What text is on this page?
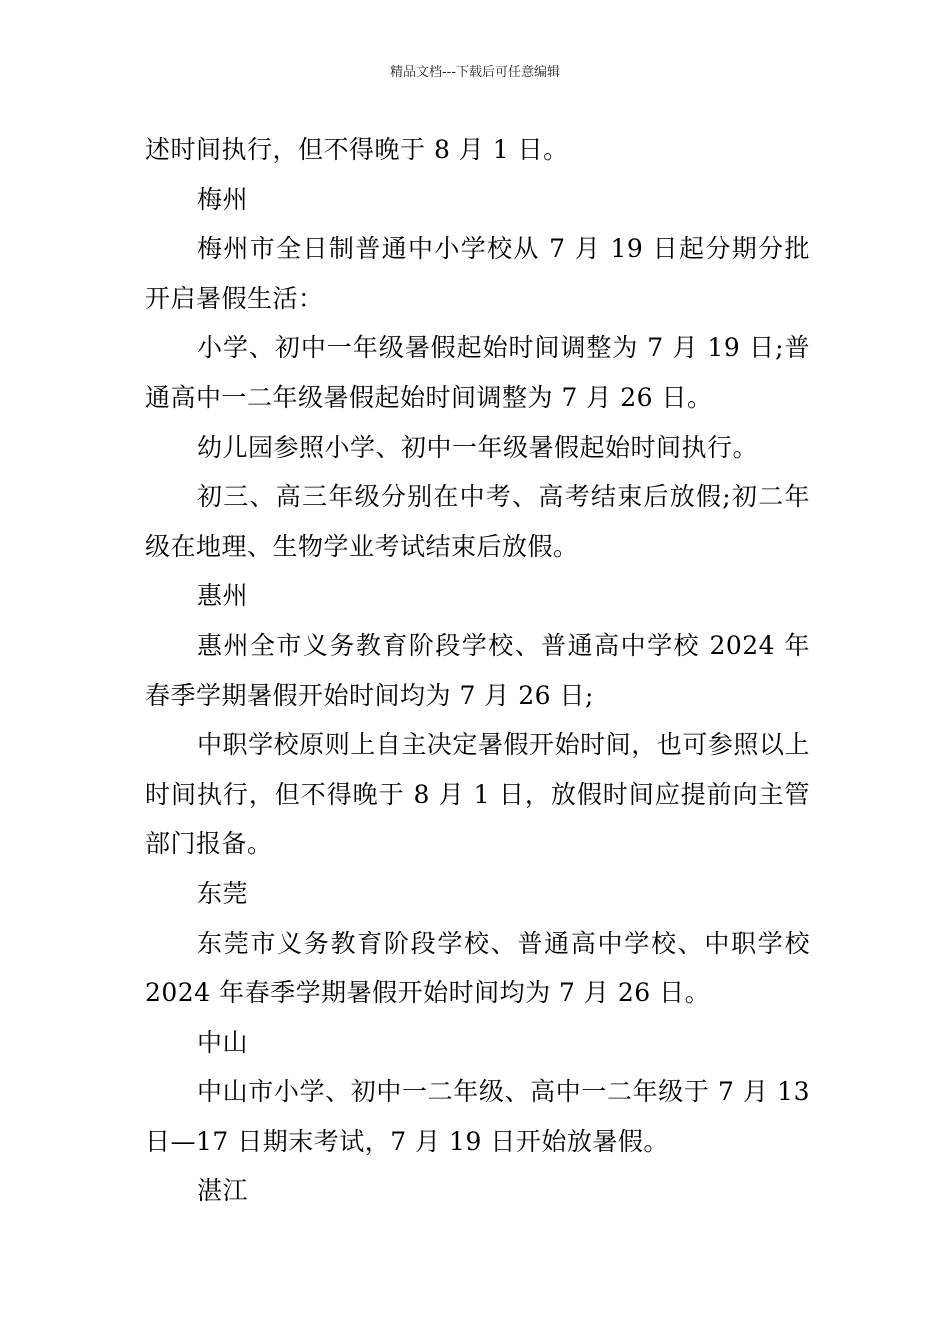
精品文档---下载后可任意编辑

述时间执行，但不得晚于 8 月 1 日。

梅州

梅州市全日制普通中小学校从 7 月 19 日起分期分批开启暑假生活：

小学、初中一年级暑假起始时间调整为 7 月 19 日;普通高中一二年级暑假起始时间调整为 7 月 26 日。

幼儿园参照小学、初中一年级暑假起始时间执行。

初三、高三年级分别在中考、高考结束后放假;初二年级在地理、生物学业考试结束后放假。

惠州

惠州全市义务教育阶段学校、普通高中学校 2024 年春季学期暑假开始时间均为 7 月 26 日;

中职学校原则上自主决定暑假开始时间，也可参照以上时间执行，但不得晚于 8 月 1 日，放假时间应提前向主管部门报备。

东莞

东莞市义务教育阶段学校、普通高中学校、中职学校 2024 年春季学期暑假开始时间均为 7 月 26 日。

中山

中山市小学、初中一二年级、高中一二年级于 7 月 13 日—17 日期末考试，7 月 19 日开始放暑假。

湛江
